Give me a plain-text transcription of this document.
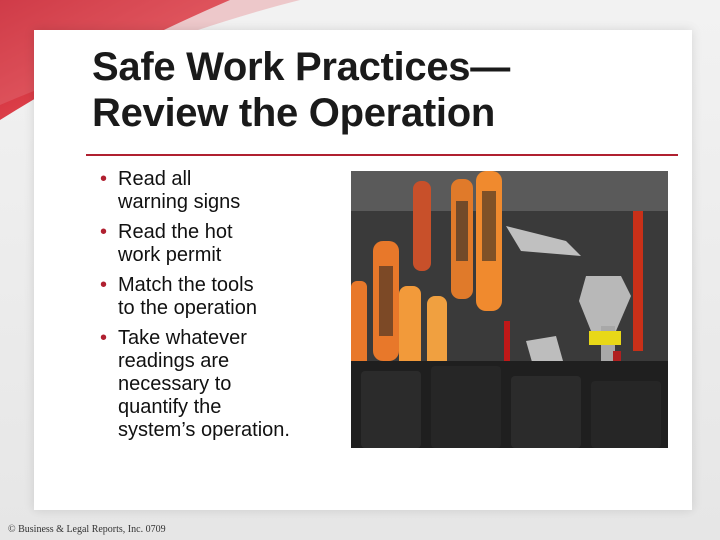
Safe Work Practices—
Review the Operation
• Read all
warning signs
• Read the hot
work permit
• Match the tools
to the operation
• Take whatever
readings are
necessary to
quantify the
system’s operation.
© Business & Legal Reports, Inc. 0709
